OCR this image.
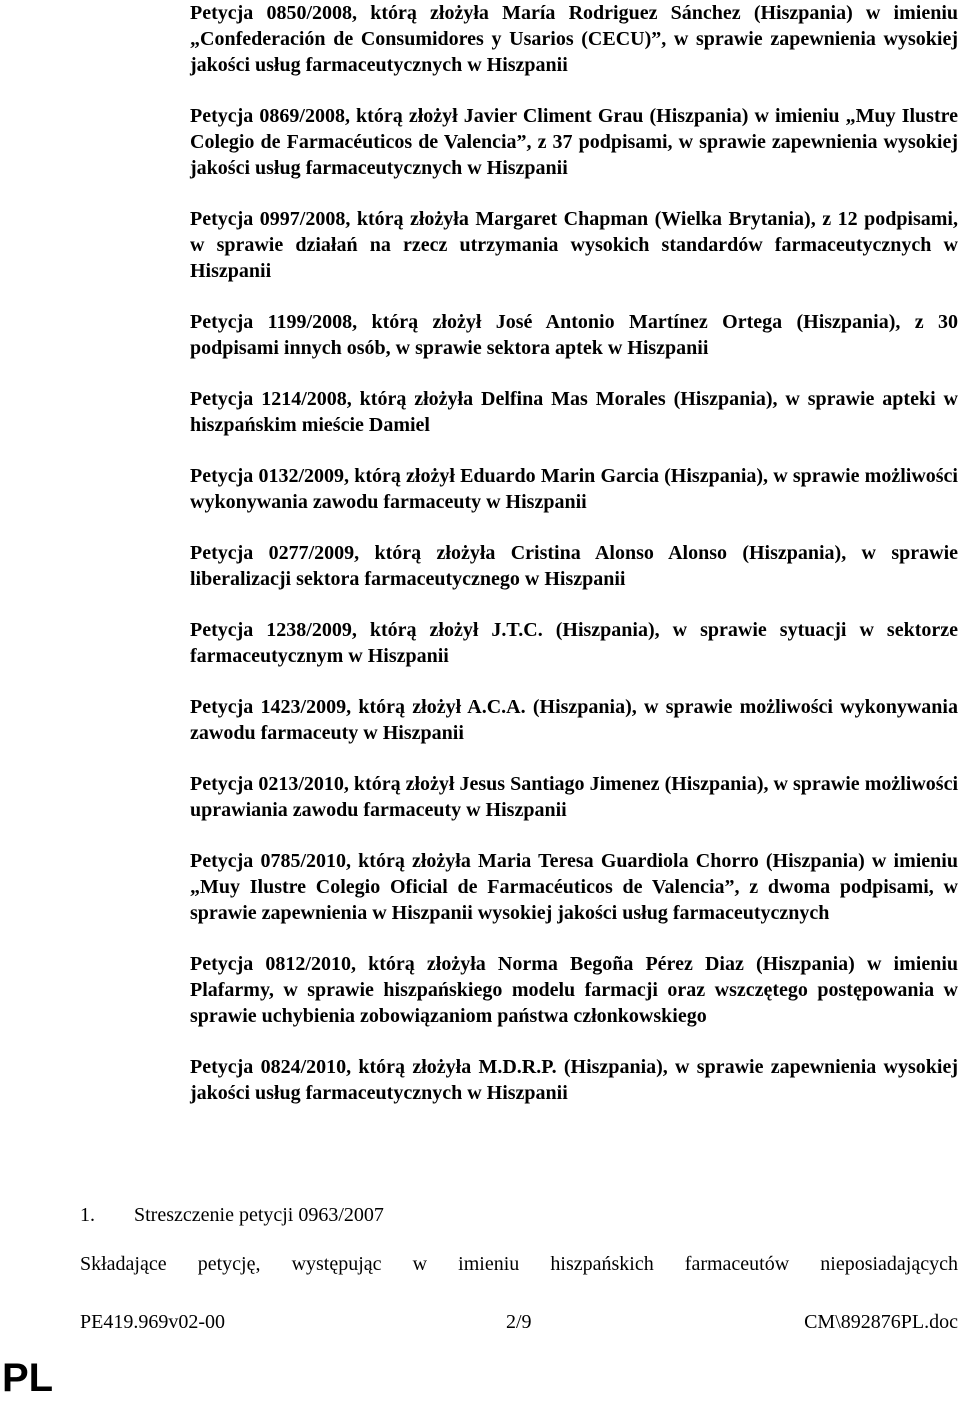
Petycja 0850/2008, którą złożyła María Rodriguez Sánchez (Hiszpania) w imieniu „Confederación de Consumidores y Usarios (CECU)”, w sprawie zapewnienia wysokiej jakości usług farmaceutycznych w Hiszpanii
Petycja 0869/2008, którą złożył Javier Climent Grau (Hiszpania) w imieniu „Muy Ilustre Colegio de Farmacéuticos de Valencia”, z 37 podpisami, w sprawie zapewnienia wysokiej jakości usług farmaceutycznych w Hiszpanii
Petycja 0997/2008, którą złożyła Margaret Chapman (Wielka Brytania), z 12 podpisami, w sprawie działań na rzecz utrzymania wysokich standardów farmaceutycznych w Hiszpanii
Petycja 1199/2008, którą złożył José Antonio Martínez Ortega (Hiszpania), z 30 podpisami innych osób, w sprawie sektora aptek w Hiszpanii
Petycja 1214/2008, którą złożyła Delfina Mas Morales (Hiszpania), w sprawie apteki w hiszpańskim mieście Damiel
Petycja 0132/2009, którą złożył Eduardo Marin Garcia (Hiszpania), w sprawie możliwości wykonywania zawodu farmaceuty w Hiszpanii
Petycja 0277/2009, którą złożyła Cristina Alonso Alonso (Hiszpania), w sprawie liberalizacji sektora farmaceutycznego w Hiszpanii
Petycja 1238/2009, którą złożył J.T.C. (Hiszpania), w sprawie sytuacji w sektorze farmaceutycznym w Hiszpanii
Petycja 1423/2009, którą złożył A.C.A. (Hiszpania), w sprawie możliwości wykonywania zawodu farmaceuty w Hiszpanii
Petycja 0213/2010, którą złożył Jesus Santiago Jimenez (Hiszpania), w sprawie możliwości uprawiania zawodu farmaceuty w Hiszpanii
Petycja 0785/2010, którą złożyła Maria Teresa Guardiola Chorro (Hiszpania) w imieniu „Muy Ilustre Colegio Oficial de Farmacéuticos de Valencia”, z dwoma podpisami, w sprawie zapewnienia w Hiszpanii wysokiej jakości usług farmaceutycznych
Petycja 0812/2010, którą złożyła Norma Begoña Pérez Diaz (Hiszpania) w imieniu Plafarmy, w sprawie hiszpańskiego modelu farmacji oraz wszczętego postępowania w sprawie uchybienia zobowiązaniom państwa członkowskiego
Petycja 0824/2010, którą złożyła M.D.R.P. (Hiszpania), w sprawie zapewnienia wysokiej jakości usług farmaceutycznych w Hiszpanii
1. Streszczenie petycji 0963/2007

Składające petycję, występując w imieniu hiszpańskich farmaceutów nieposiadających

PE419.969v02-00	2/9	CM\892876PL.doc
PL
